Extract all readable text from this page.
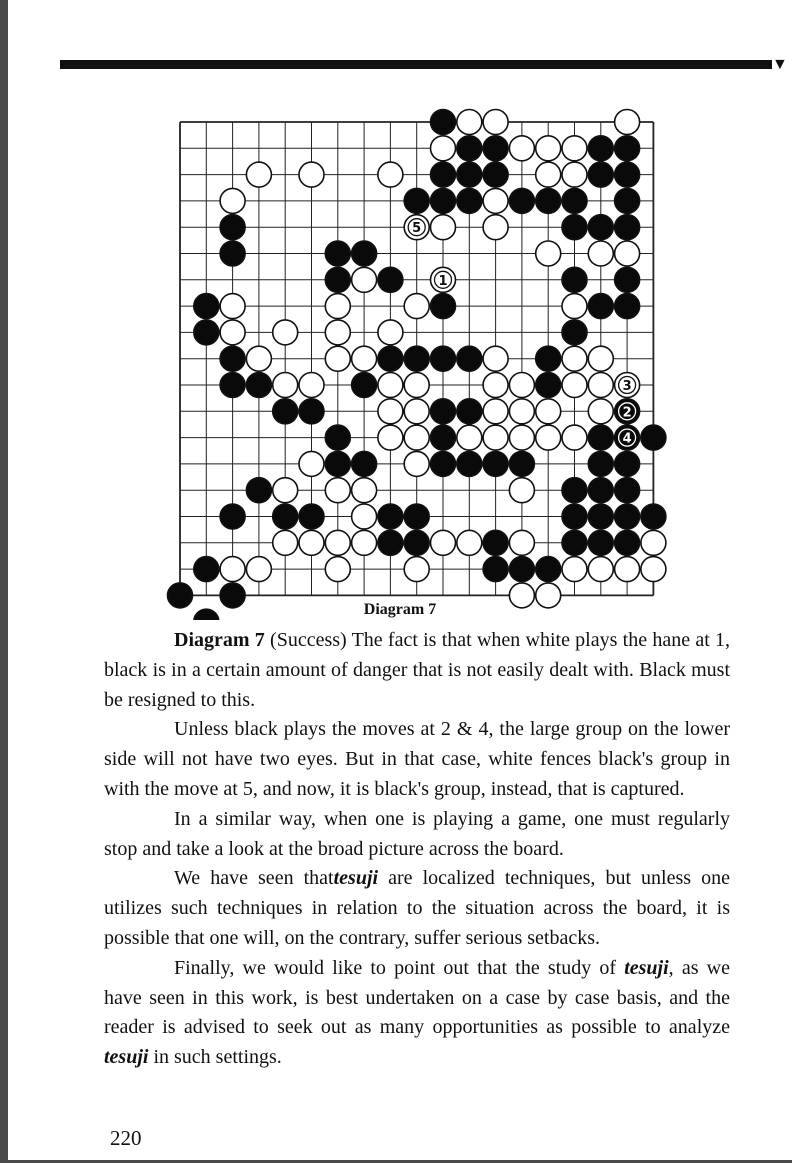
▼
1
2
3
4
5
Diagram 7

Diagram 7 (Success) The fact is that when white plays the hane at 1, black is in a certain amount of danger that is not easily dealt with. Black must be resigned to this.

Unless black plays the moves at 2 & 4, the large group on the lower side will not have two eyes. But in that case, white fences black's group in with the move at 5, and now, it is black's group, instead, that is captured.

In a similar way, when one is playing a game, one must regularly stop and take a look at the broad picture across the board.

We have seen thattesuji are localized techniques, but unless one utilizes such techniques in relation to the situation across the board, it is possible that one will, on the contrary, suffer serious setbacks.

Finally, we would like to point out that the study of tesuji, as we have seen in this work, is best undertaken on a case by case basis, and the reader is advised to seek out as many opportunities as possible to analyze tesuji in such settings.

220
